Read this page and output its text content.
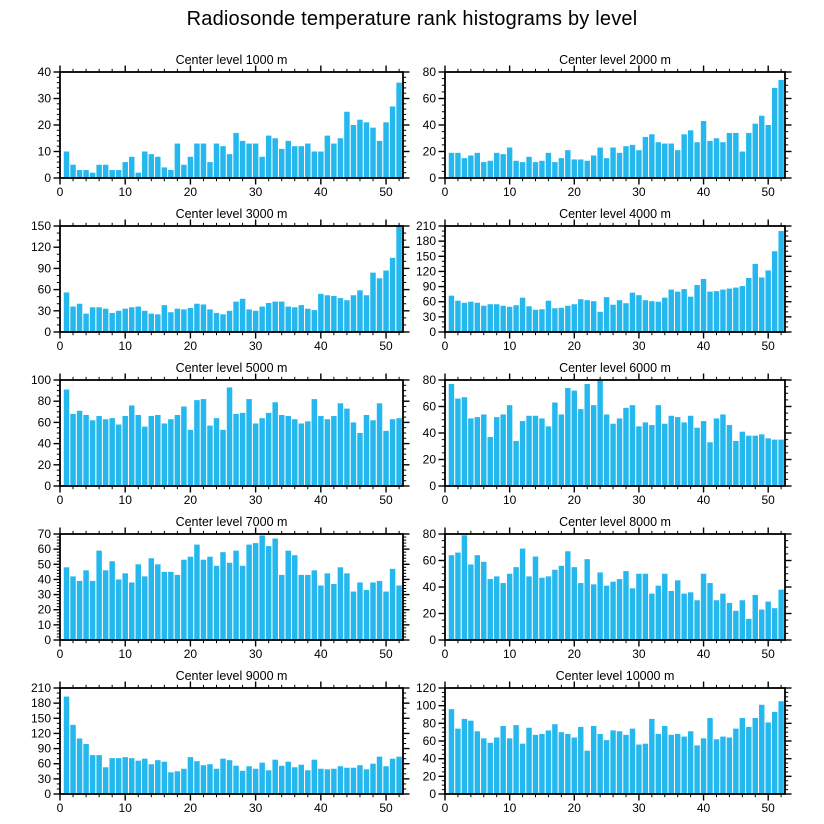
Radiosonde temperature rank histograms by level
0
10
20
30
40
0	10	20	30	40	50
Center level 1000 m
0
20
40
60
80
0	10	20	30	40	50
Center level 2000 m
0
30
60
90
120
150
0	10	20	30	40	50
Center level 3000 m
0
30
60
90
120
150
180
210
0	10	20	30	40	50
Center level 4000 m
0
20
40
60
80
100
0	10	20	30	40	50
Center level 5000 m
0
20
40
60
80
0	10	20	30	40	50
Center level 6000 m
0
10
20
30
40
50
60
70
0	10	20	30	40	50
Center level 7000 m
0
20
40
60
80
0	10	20	30	40	50
Center level 8000 m
0
30
60
90
120
150
180
210
0	10	20	30	40	50
Center level 9000 m
0
20
40
60
80
100
120
0	10	20	30	40	50
Center level 10000 m
